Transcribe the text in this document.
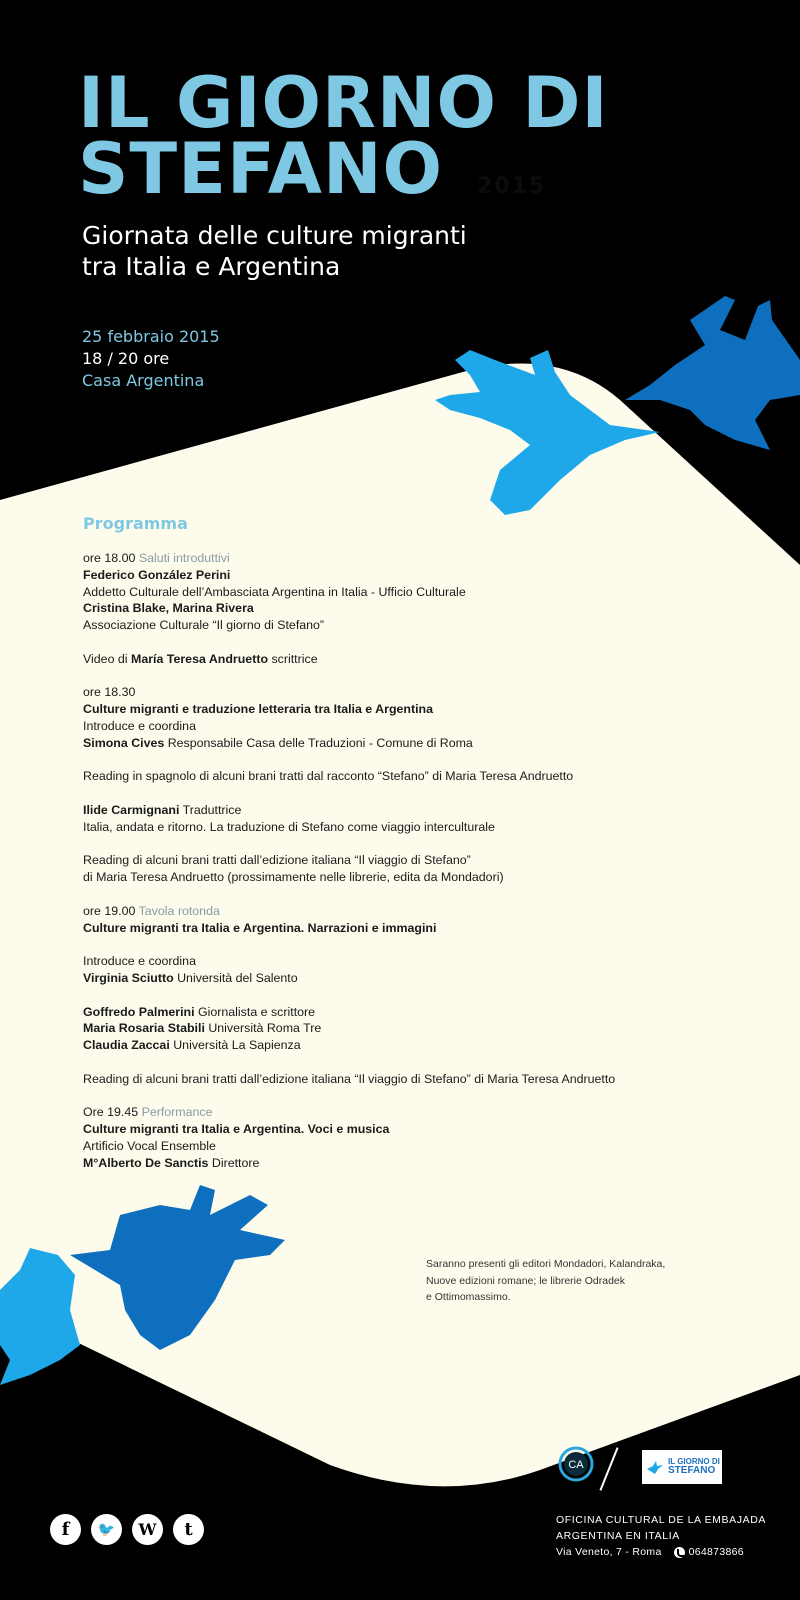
IL GIORNO DI
STEFANO 2015
Giornata delle culture migranti
tra Italia e Argentina
25 febbraio 2015
18 / 20 ore
Casa Argentina
Programma
ore 18.00 Saluti introduttivi
Federico González Perini
Addetto Culturale dell’Ambasciata Argentina in Italia - Ufficio Culturale
Cristina Blake, Marina Rivera
Associazione Culturale “Il giorno di Stefano”
Video di María Teresa Andruetto scrittrice
ore 18.30
Culture migranti e traduzione letteraria tra Italia e Argentina
Introduce e coordina
Simona Cives Responsabile Casa delle Traduzioni - Comune di Roma
Reading in spagnolo di alcuni brani tratti dal racconto “Stefano” di Maria Teresa Andruetto
Ilide Carmignani Traduttrice
Italia, andata e ritorno. La traduzione di Stefano come viaggio interculturale
Reading di alcuni brani tratti dall’edizione italiana “Il viaggio di Stefano”
di Maria Teresa Andruetto (prossimamente nelle librerie, edita da Mondadori)
ore 19.00 Tavola rotonda
Culture migranti tra Italia e Argentina. Narrazioni e immagini
Introduce e coordina
Virginia Sciutto Università del Salento
Goffredo Palmerini Giornalista e scrittore
Maria Rosaria Stabili Università Roma Tre
Claudia Zaccai Università La Sapienza
Reading di alcuni brani tratti dall’edizione italiana “Il viaggio di Stefano” di Maria Teresa Andruetto
Ore 19.45 Performance
Culture migranti tra Italia e Argentina. Voci e musica
Artificio Vocal Ensemble
M°Alberto De Sanctis Direttore
Saranno presenti gli editori Mondadori, Kalandraka,
Nuove edizioni romane; le librerie Odradek
e Ottimomassimo.
CA	IL GIORNO DI
STEFANO
OFICINA CULTURAL DE LA EMBAJADA
ARGENTINA EN ITALIA
Via Veneto, 7 - Roma	064873866
f	🐦	W	t
